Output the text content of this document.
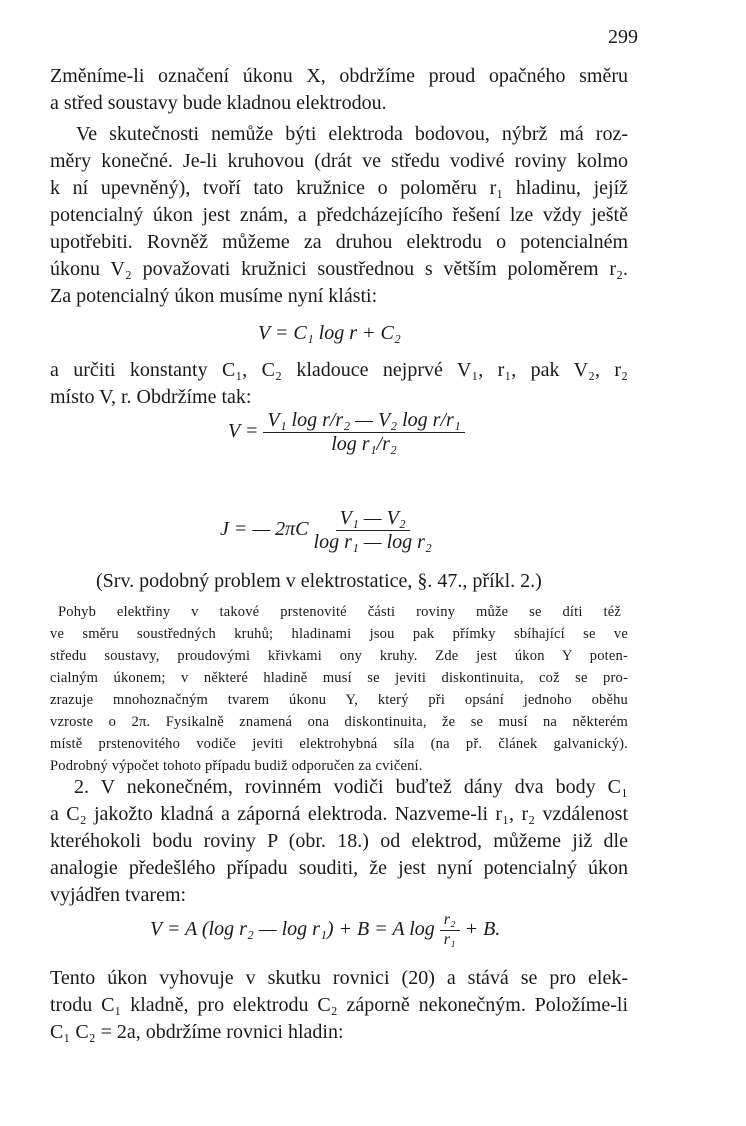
299
Změníme-li označení úkonu X, obdržíme proud opačného směru
a střed soustavy bude kladnou elektrodou.
Ve skutečnosti nemůže býti elektroda bodovou, nýbrž má roz-
měry konečné. Je-li kruhovou (drát ve středu vodivé roviny kolmo
k ní upevněný), tvoří tato kružnice o poloměru r₁ hladinu, jejíž
potencialný úkon jest znám, a předcházejícího řešení lze vždy ještě
upotřebiti. Rovněž můžeme za druhou elektrodu o potencialném
úkonu V₂ považovati kružnici soustřednou s větším poloměrem r₂.
Za potencialný úkon musíme nyní klásti:
V = C₁ log r + C₂
a určiti konstanty C₁, C₂ kladouce nejprvé V₁, r₁, pak V₂, r₂
místo V, r. Obdržíme tak:
$V = \frac{\text{V₁ log r/r₂ — V₂ log r/r₁}}{\text{log r₁/r₂}}$
J = — $2\pi C \frac{\text{V₁ — V₂}}{\text{log r₁ — log r₂}}$
(Srv. podobný problem v elektrostatice, §. 47., příkl. 2.)
Pohyb elektřiny v takové prstenovité části roviny může se díti též
ve směru soustředných kruhů; hladinami jsou pak přímky sbíhající se ve
středu soustavy, proudovými křivkami ony kruhy. Zde jest úkon Y poten-
cialným úkonem; v některé hladině musí se jeviti diskontinuita, což se pro-
zrazuje mnohoznačným tvarem úkonu Y, který při opsání jednoho oběhu
vzroste o 2π. Fysikalně znamená ona diskontinuita, že se musí na některém
místě prstenovitého vodiče jeviti elektrohybná síla (na př. článek galvanický).
Podrobný výpočet tohoto případu budiž odporučen za cvičení.
2. V nekonečném, rovinném vodiči buďtež dány dva body C₁
a C₂ jakožto kladná a záporná elektroda. Nazveme-li r₁, r₂ vzdálenost
kteréhokoli bodu roviny P (obr. 18.) od elektrod, můžeme již dle
analogie předešlého případu souditi, že jest nyní potencialný úkon
vyjádřen tvarem:
V = A (log r₂ — log r₁) + B = A $\log \frac{\text{r₂}}{\text{r₁}} + B$.
Tento úkon vyhovuje v skutku rovnici (20) a stává se pro elek-
trodu C₁ kladně, pro elektrodu C₂ záporně nekonečným. Položíme-li
C₁ C₂ = 2a, obdržíme rovnici hladin:
